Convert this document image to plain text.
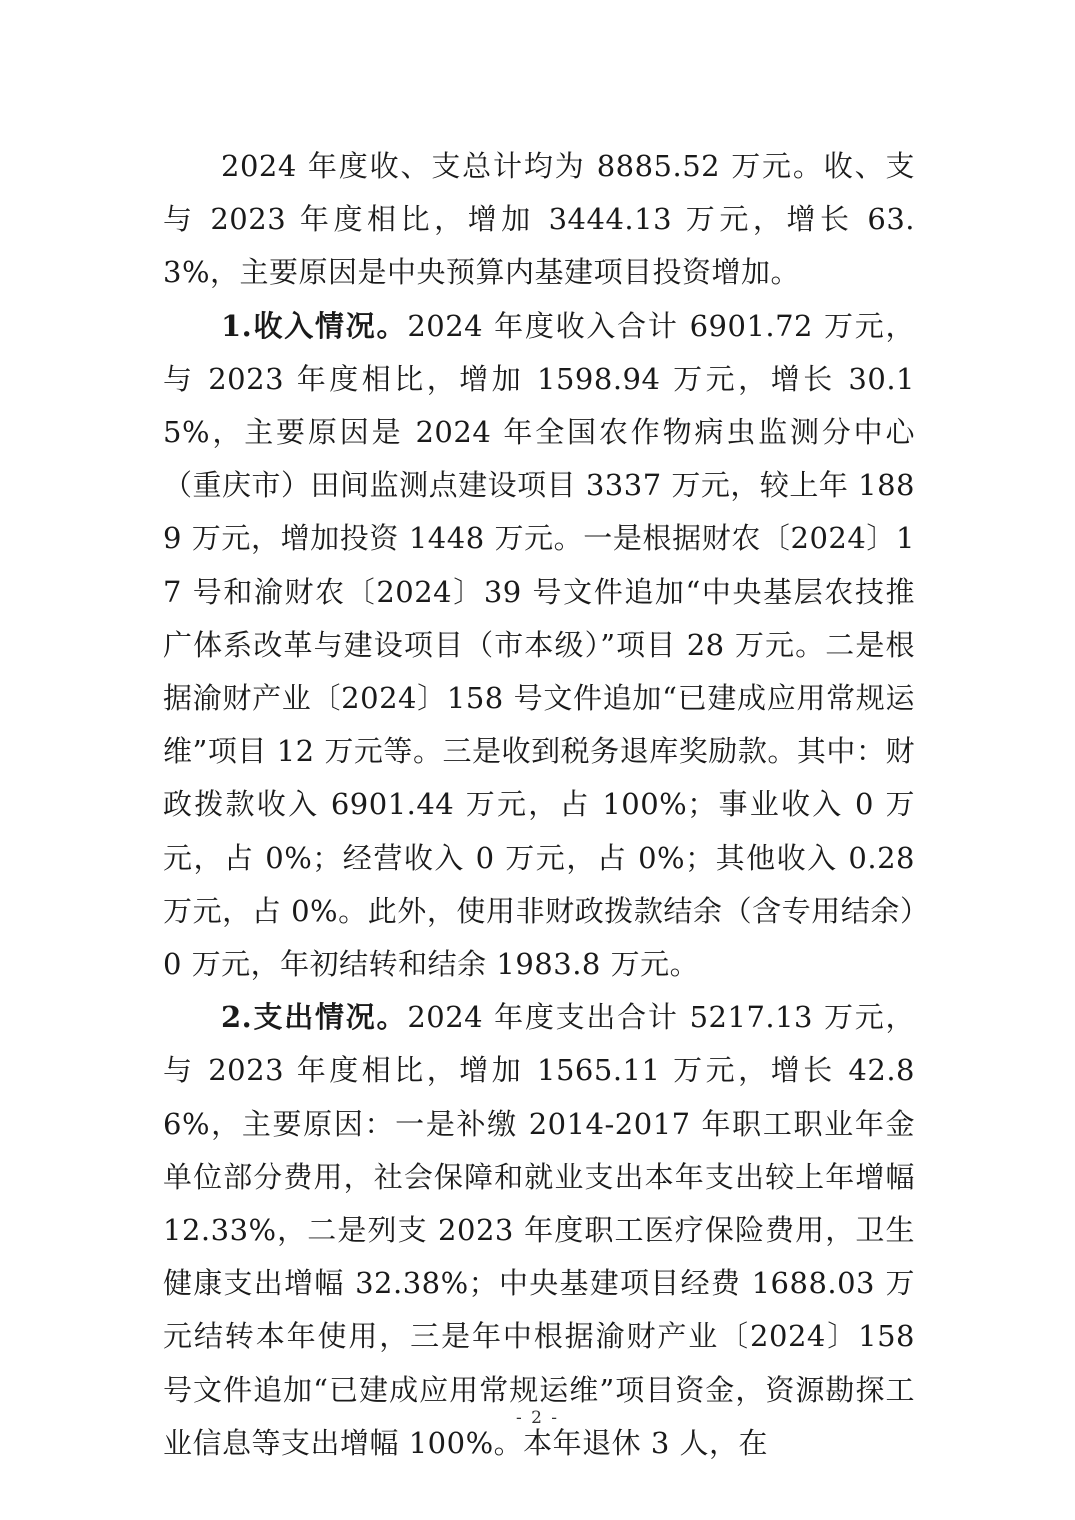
2024 年度收、支总计均为 8885.52 万元。收、支与 2023 年度相比，增加 3444.13 万元，增长 63.3%，主要原因是中央预算内基建项目投资增加。

1.收入情况。2024 年度收入合计 6901.72 万元，与 2023 年度相比，增加 1598.94 万元，增长 30.15%，主要原因是 2024 年全国农作物病虫监测分中心（重庆市）田间监测点建设项目 3337 万元，较上年 1889 万元，增加投资 1448 万元。一是根据财农〔2024〕17 号和渝财农〔2024〕39 号文件追加“中央基层农技推广体系改革与建设项目（市本级）”项目 28 万元。二是根据渝财产业〔2024〕158 号文件追加“已建成应用常规运维”项目 12 万元等。三是收到税务退库奖励款。其中：财政拨款收入 6901.44 万元，占 100%；事业收入 0 万元，占 0%；经营收入 0 万元，占 0%；其他收入 0.28 万元，占 0%。此外，使用非财政拨款结余（含专用结余）0 万元，年初结转和结余 1983.8 万元。

2.支出情况。2024 年度支出合计 5217.13 万元，与 2023 年度相比，增加 1565.11 万元，增长 42.86%，主要原因：一是补缴 2014-2017 年职工职业年金单位部分费用，社会保障和就业支出本年支出较上年增幅 12.33%，二是列支 2023 年度职工医疗保险费用，卫生健康支出增幅 32.38%；中央基建项目经费 1688.03 万元结转本年使用，三是年中根据渝财产业〔2024〕158 号文件追加“已建成应用常规运维”项目资金，资源勘探工业信息等支出增幅 100%。本年退休 3 人，在

- 2 -
